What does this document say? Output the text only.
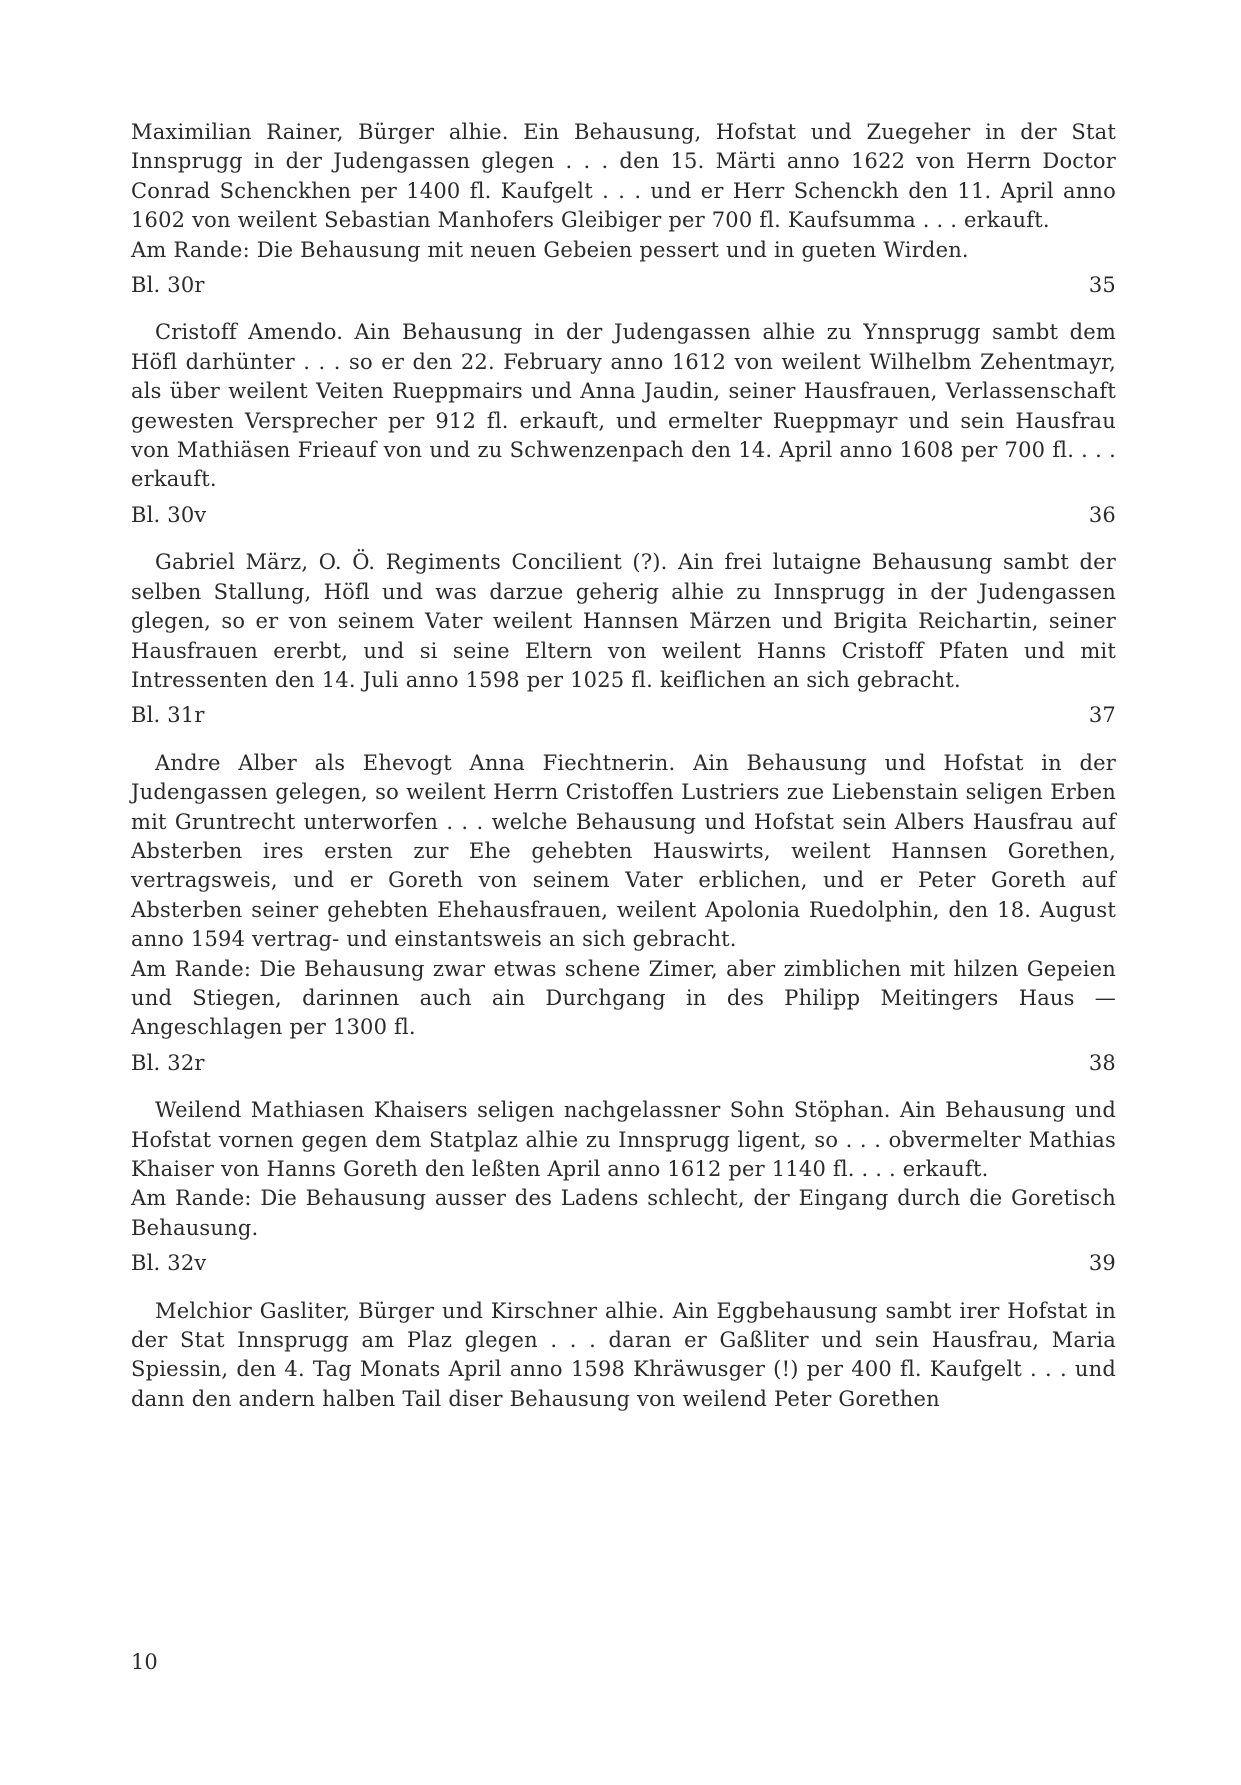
Maximilian Rainer, Bürger alhie. Ein Behausung, Hofstat und Zuegeher in der Stat Innsprugg in der Judengassen glegen . . . den 15. Märti anno 1622 von Herrn Doctor Conrad Schenckhen per 1400 fl. Kaufgelt . . . und er Herr Schenckh den 11. April anno 1602 von weilent Sebastian Manhofers Gleibiger per 700 fl. Kaufsumma . . . erkauft.

Am Rande: Die Behausung mit neuen Gebeien pessert und in gueten Wirden.

Bl. 30r	35

Cristoff Amendo. Ain Behausung in der Judengassen alhie zu Ynnsprugg sambt dem Höfl darhünter . . . so er den 22. February anno 1612 von weilent Wilhelbm Zehentmayr, als über weilent Veiten Rueppmairs und Anna Jaudin, seiner Hausfrauen, Verlassenschaft gewesten Versprecher per 912 fl. erkauft, und ermelter Rueppmayr und sein Hausfrau von Mathiäsen Frieauf von und zu Schwenzenpach den 14. April anno 1608 per 700 fl. . . . erkauft.

Bl. 30v	36

Gabriel März, O. Ö. Regiments Concilient (?). Ain frei lutaigne Behausung sambt der selben Stallung, Höfl und was darzue geherig alhie zu Innsprugg in der Judengassen glegen, so er von seinem Vater weilent Hannsen Märzen und Brigita Reichartin, seiner Hausfrauen ererbt, und si seine Eltern von weilent Hanns Cristoff Pfaten und mit Intressenten den 14. Juli anno 1598 per 1025 fl. keiflichen an sich gebracht.

Bl. 31r	37

Andre Alber als Ehevogt Anna Fiechtnerin. Ain Behausung und Hofstat in der Judengassen gelegen, so weilent Herrn Cristoffen Lustriers zue Liebenstain seligen Erben mit Gruntrecht unterworfen . . . welche Behausung und Hofstat sein Albers Hausfrau auf Absterben ires ersten zur Ehe gehebten Hauswirts, weilent Hannsen Gorethen, vertragsweis, und er Goreth von seinem Vater erblichen, und er Peter Goreth auf Absterben seiner gehebten Ehehausfrauen, weilent Apolonia Ruedolphin, den 18. August anno 1594 vertrag- und einstantsweis an sich gebracht.

Am Rande: Die Behausung zwar etwas schene Zimer, aber zimblichen mit hilzen Gepeien und Stiegen, darinnen auch ain Durchgang in des Philipp Meitingers Haus — Angeschlagen per 1300 fl.

Bl. 32r	38

Weilend Mathiasen Khaisers seligen nachgelassner Sohn Stöphan. Ain Behausung und Hofstat vornen gegen dem Statplaz alhie zu Innsprugg ligent, so . . . obvermelter Mathias Khaiser von Hanns Goreth den leßten April anno 1612 per 1140 fl. . . . erkauft.

Am Rande: Die Behausung ausser des Ladens schlecht, der Eingang durch die Goretisch Behausung.

Bl. 32v	39

Melchior Gasliter, Bürger und Kirschner alhie. Ain Eggbehausung sambt irer Hofstat in der Stat Innsprugg am Plaz glegen . . . daran er Gaßliter und sein Hausfrau, Maria Spiessin, den 4. Tag Monats April anno 1598 Khräwusger (!) per 400 fl. Kaufgelt . . . und dann den andern halben Tail diser Behausung von weilend Peter Gorethen

10
